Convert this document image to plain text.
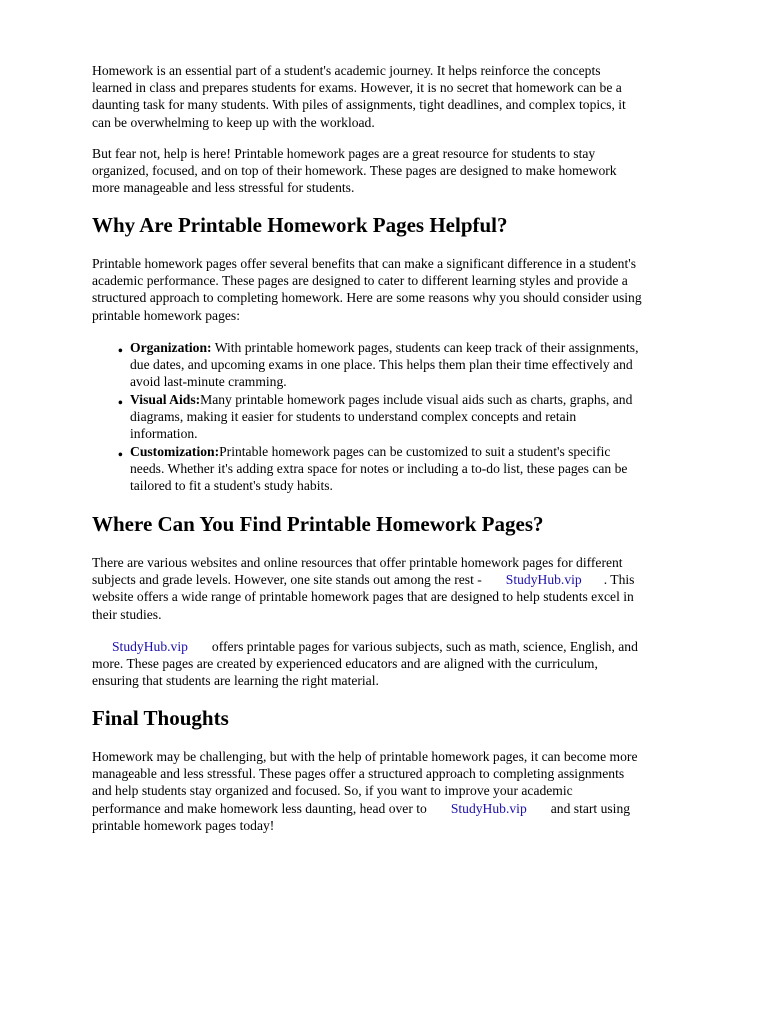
Homework is an essential part of a student's academic journey. It helps reinforce the concepts
learned in class and prepares students for exams. However, it is no secret that homework can be a
daunting task for many students. With piles of assignments, tight deadlines, and complex topics, it
can be overwhelming to keep up with the workload.

But fear not, help is here! Printable homework pages are a great resource for students to stay
organized, focused, and on top of their homework. These pages are designed to make homework
more manageable and less stressful for students.

Why Are Printable Homework Pages Helpful?

Printable homework pages offer several benefits that can make a significant difference in a student's
academic performance. These pages are designed to cater to different learning styles and provide a
structured approach to completing homework. Here are some reasons why you should consider using
printable homework pages:

• Organization: With printable homework pages, students can keep track of their assignments,
due dates, and upcoming exams in one place. This helps them plan their time effectively and
avoid last-minute cramming.

• Visual Aids:Many printable homework pages include visual aids such as charts, graphs, and
diagrams, making it easier for students to understand complex concepts and retain
information.

• Customization:Printable homework pages can be customized to suit a student's specific
needs. Whether it's adding extra space for notes or including a to-do list, these pages can be
tailored to fit a student's study habits.

Where Can You Find Printable Homework Pages?

There are various websites and online resources that offer printable homework pages for different
subjects and grade levels. However, one site stands out among the rest - StudyHub.vip . This
website offers a wide range of printable homework pages that are designed to help students excel in
their studies.

StudyHub.vip offers printable pages for various subjects, such as math, science, English, and
more. These pages are created by experienced educators and are aligned with the curriculum,
ensuring that students are learning the right material.

Final Thoughts

Homework may be challenging, but with the help of printable homework pages, it can become more
manageable and less stressful. These pages offer a structured approach to completing assignments
and help students stay organized and focused. So, if you want to improve your academic
performance and make homework less daunting, head over to StudyHub.vip and start using
printable homework pages today!
